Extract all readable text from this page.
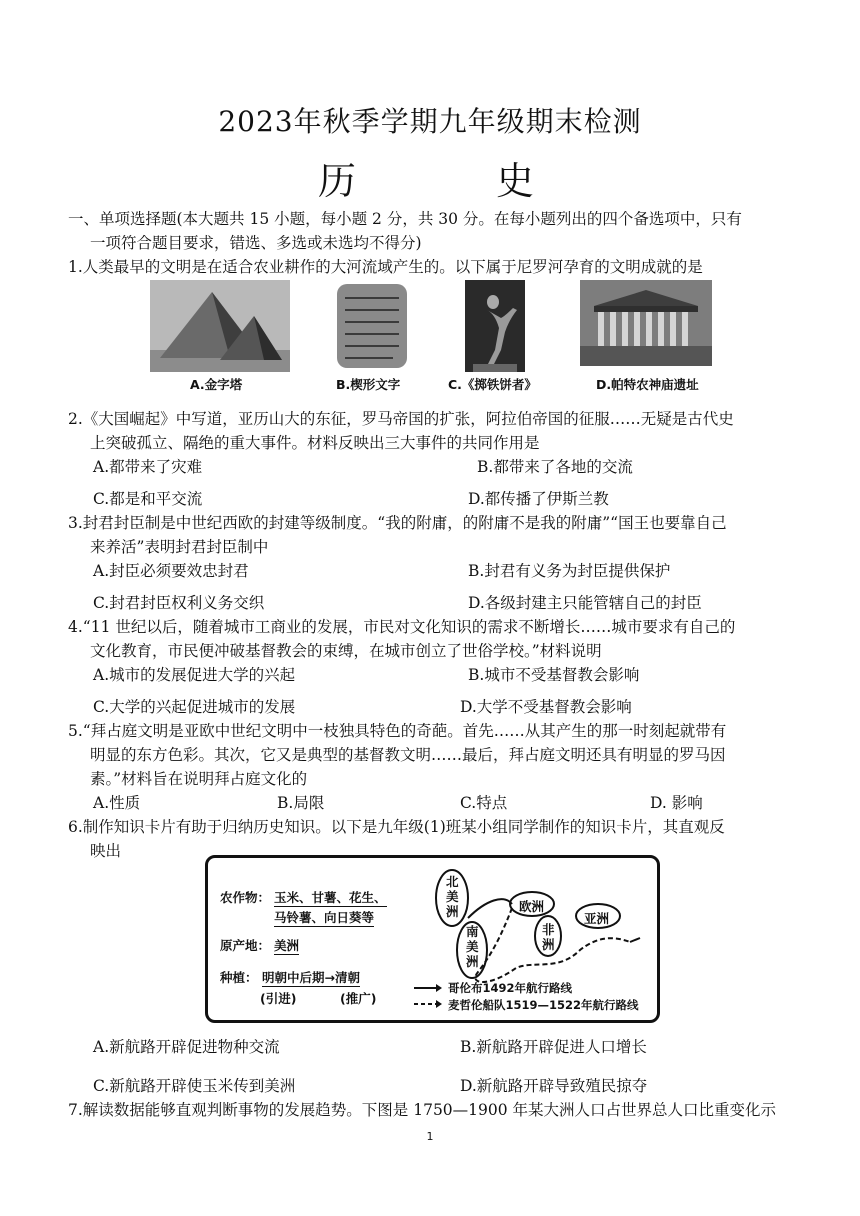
2023年秋季学期九年级期末检测
历	史
一、单项选择题(本大题共 15 小题，每小题 2 分，共 30 分。在每小题列出的四个备选项中，只有
一项符合题目要求，错选、多选或未选均不得分)
1.人类最早的文明是在适合农业耕作的大河流域产生的。以下属于尼罗河孕育的文明成就的是
A.金字塔	B.楔形文字	C.《掷铁饼者》	D.帕特农神庙遗址
2.《大国崛起》中写道，亚历山大的东征，罗马帝国的扩张，阿拉伯帝国的征服……无疑是古代史
上突破孤立、隔绝的重大事件。材料反映出三大事件的共同作用是
A.都带来了灾难	B.都带来了各地的交流
C.都是和平交流	D.都传播了伊斯兰教
3.封君封臣制是中世纪西欧的封建等级制度。“我的附庸，的附庸不是我的附庸”“国王也要靠自己
来养活”表明封君封臣制中
A.封臣必须要效忠封君	B.封君有义务为封臣提供保护
C.封君封臣权利义务交织	D.各级封建主只能管辖自己的封臣
4.“11 世纪以后，随着城市工商业的发展，市民对文化知识的需求不断增长……城市要求有自己的
文化教育，市民便冲破基督教会的束缚，在城市创立了世俗学校。”材料说明
A.城市的发展促进大学的兴起	B.城市不受基督教会影响
C.大学的兴起促进城市的发展	D.大学不受基督教会影响
5.“拜占庭文明是亚欧中世纪文明中一枝独具特色的奇葩。首先……从其产生的那一时刻起就带有
明显的东方色彩。其次，它又是典型的基督教文明……最后，拜占庭文明还具有明显的罗马因
素。”材料旨在说明拜占庭文化的
A.性质	B.局限	C.特点	D. 影响
6.制作知识卡片有助于归纳历史知识。以下是九年级(1)班某小组同学制作的知识卡片，其直观反
映出
农作物： 玉米、甘薯、花生、
马铃薯、向日葵等
原产地： 美洲
种植： 明朝中后期→清朝
(引进)	(推广)
北美洲
南美洲
欧洲
非洲
亚洲
哥伦布1492年航行路线
麦哲伦船队1519—1522年航行路线
A.新航路开辟促进物种交流	B.新航路开辟促进人口增长
C.新航路开辟使玉米传到美洲	D.新航路开辟导致殖民掠夺
7.解读数据能够直观判断事物的发展趋势。下图是 1750—1900 年某大洲人口占世界总人口比重变化示
1
